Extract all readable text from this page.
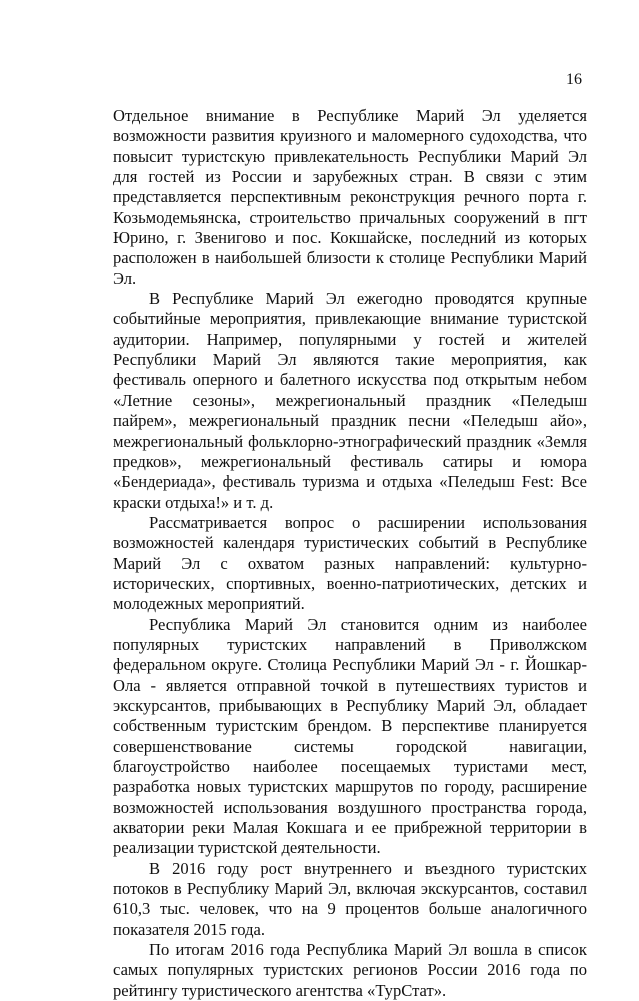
16

Отдельное внимание в Республике Марий Эл уделяется возможности развития круизного и маломерного судоходства, что повысит туристскую привлекательность Республики Марий Эл для гостей из России и зарубежных стран. В связи с этим представляется перспективным реконструкция речного порта г. Козьмодемьянска, строительство причальных сооружений в пгт Юрино, г. Звенигово и пос. Кокшайске, последний из которых расположен в наибольшей близости к столице Республики Марий Эл.

В Республике Марий Эл ежегодно проводятся крупные событийные мероприятия, привлекающие внимание туристской аудитории. Например, популярными у гостей и жителей Республики Марий Эл являются такие мероприятия, как фестиваль оперного и балетного искусства под открытым небом «Летние сезоны», межрегиональный праздник «Пеледыш пайрем», межрегиональный праздник песни «Пеледыш айо», межрегиональный фольклорно-этнографический праздник «Земля предков», межрегиональный фестиваль сатиры и юмора «Бендериада», фестиваль туризма и отдыха «Пеледыш Fest: Все краски отдыха!» и т. д.

Рассматривается вопрос о расширении использования возможностей календаря туристических событий в Республике Марий Эл с охватом разных направлений: культурно-исторических, спортивных, военно-патриотических, детских и молодежных мероприятий.

Республика Марий Эл становится одним из наиболее популярных туристских направлений в Приволжском федеральном округе. Столица Республики Марий Эл - г. Йошкар-Ола - является отправной точкой в путешествиях туристов и экскурсантов, прибывающих в Республику Марий Эл, обладает собственным туристским брендом. В перспективе планируется совершенствование системы городской навигации, благоустройство наиболее посещаемых туристами мест, разработка новых туристских маршрутов по городу, расширение возможностей использования воздушного пространства города, акватории реки Малая Кокшага и ее прибрежной территории в реализации туристской деятельности.

В 2016 году рост внутреннего и въездного туристских потоков в Республику Марий Эл, включая экскурсантов, составил 610,3 тыс. человек, что на 9 процентов больше аналогичного показателя 2015 года.

По итогам 2016 года Республика Марий Эл вошла в список самых популярных туристских регионов России 2016 года по рейтингу туристического агентства «ТурСтат».
